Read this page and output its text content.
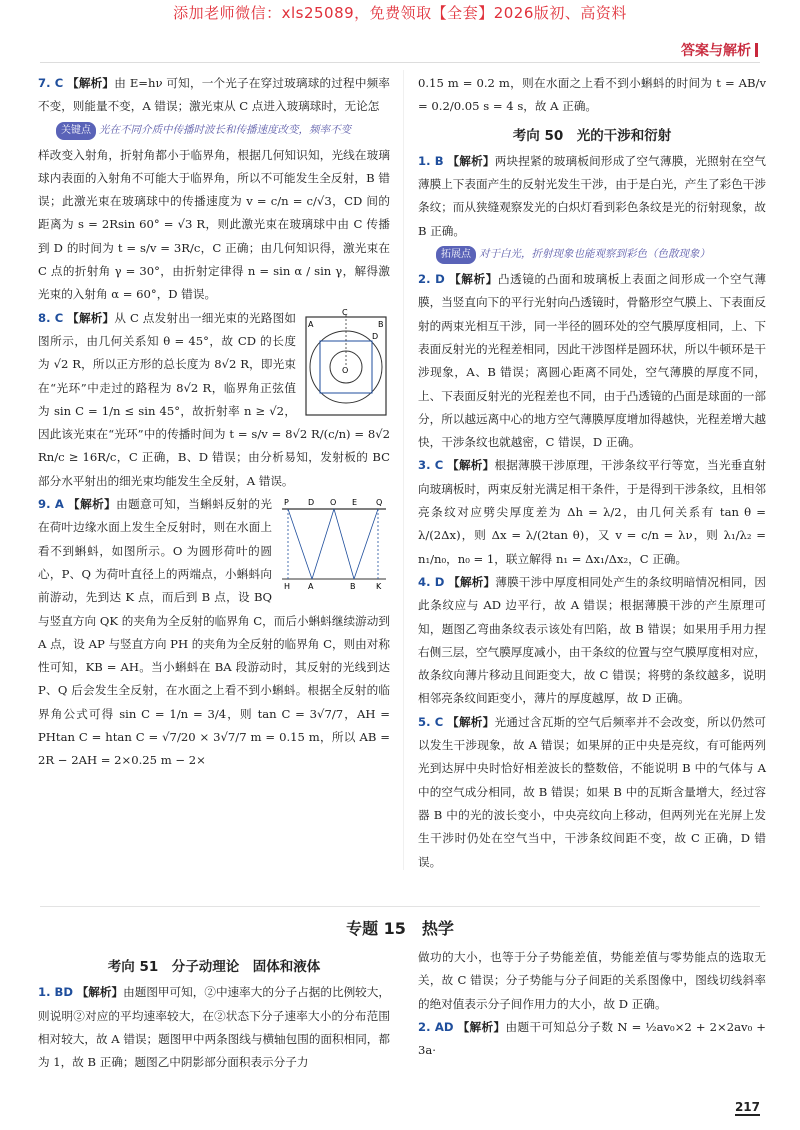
添加老师微信：xls25089，免费领取【全套】2026版初、高资料
答案与解析
7. C 【解析】由 E=hν 可知，一个光子在穿过玻璃球的过程中频率不变，则能量不变，A 错误；激光束从 C 点进入玻璃球时，无论怎
关键点 光在不同介质中传播时波长和传播速度改变，频率不变
样改变入射角，折射角都小于临界角，根据几何知识知，光线在玻璃球内表面的入射角不可能大于临界角，所以不可能发生全反射，B 错误；此激光束在玻璃球中的传播速度为 v = c/n = c/√3，CD 间的距离为 s = 2Rsin 60° = √3 R，则此激光束在玻璃球中由 C 传播到 D 的时间为 t = s/v = 3R/c，C 正确；由几何知识得，激光束在 C 点的折射角 γ = 30°，由折射定律得 n = sin α / sin γ，解得激光束的入射角 α = 60°，D 错误。
C
D
O
A	B
8. C 【解析】从 C 点发射出一细光束的光路图如图所示，由几何关系知 θ = 45°，故 CD 的长度为 √2 R，所以正方形的总长度为 8√2 R，即光束在“光环”中走过的路程为 8√2 R，临界角正弦值为 sin C = 1/n ≤ sin 45°，故折射率 n ≥ √2，因此该光束在“光环”中的传播时间为 t = s/v = 8√2 R/(c/n) = 8√2 Rn/c ≥ 16R/c，C 正确，B、D 错误；由分析易知，发射板的 BC 部分水平射出的细光束均能发生全反射，A 错误。
P D O E Q
H A	B	K
9. A 【解析】由题意可知，当蝌蚪反射的光在荷叶边缘水面上发生全反射时，则在水面上看不到蝌蚪，如图所示。O 为圆形荷叶的圆心，P、Q 为荷叶直径上的两端点，小蝌蚪向前游动，先到达 K 点，而后到 B 点，设 BQ 与竖直方向 QK 的夹角为全反射的临界角 C，而后小蝌蚪继续游动到 A 点，设 AP 与竖直方向 PH 的夹角为全反射的临界角 C，则由对称性可知，KB = AH。当小蝌蚪在 BA 段游动时，其反射的光线到达 P、Q 后会发生全反射，在水面之上看不到小蝌蚪。根据全反射的临界角公式可得 sin C = 1/n = 3/4，则 tan C = 3√7/7，AH = PHtan C = htan C = √7/20 × 3√7/7 m = 0.15 m，所以 AB = 2R − 2AH = 2×0.25 m − 2×
0.15 m = 0.2 m，则在水面之上看不到小蝌蚪的时间为 t = AB/v = 0.2/0.05 s = 4 s，故 A 正确。
考向 50　光的干涉和衍射
1. B 【解析】两块捏紧的玻璃板间形成了空气薄膜，光照射在空气薄膜上下表面产生的反射光发生干涉，由于是白光，产生了彩色干涉条纹；而从狭缝观察发光的白炽灯看到彩色条纹是光的衍射现象，故 B 正确。
拓展点 对于白光，折射现象也能观察到彩色（色散现象）
2. D 【解析】凸透镜的凸面和玻璃板上表面之间形成一个空气薄膜，当竖直向下的平行光射向凸透镜时，骨骼形空气膜上、下表面反射的两束光相互干涉，同一半径的圆环处的空气膜厚度相同，上、下表面反射光的光程差相同，因此干涉图样是圆环状，所以牛顿环是干涉现象，A、B 错误；离圆心距离不同处，空气薄膜的厚度不同，上、下表面反射光的光程差也不同，由于凸透镜的凸面是球面的一部分，所以越远离中心的地方空气薄膜厚度增加得越快，光程差增大越快，干涉条纹也就越密，C 错误，D 正确。
3. C 【解析】根据薄膜干涉原理，干涉条纹平行等宽，当光垂直射向玻璃板时，两束反射光满足相干条件，于是得到干涉条纹，且相邻亮条纹对应劈尖厚度差为 Δh = λ/2，由几何关系有 tan θ = λ/(2Δx)，则 Δx = λ/(2tan θ)，又 v = c/n = λν，则 λ₁/λ₂ = n₁/n₀，n₀ = 1，联立解得 n₁ = Δx₁/Δx₂，C 正确。
4. D 【解析】薄膜干涉中厚度相同处产生的条纹明暗情况相同，因此条纹应与 AD 边平行，故 A 错误；根据薄膜干涉的产生原理可知，题图乙弯曲条纹表示该处有凹陷，故 B 错误；如果用手用力捏右侧三层，空气膜厚度减小，由干条纹的位置与空气膜厚度相对应，故条纹向薄片移动且间距变大，故 C 错误；将劈的条纹越多，说明相邻亮条纹间距变小，薄片的厚度越厚，故 D 正确。
5. C 【解析】光通过含瓦斯的空气后频率并不会改变，所以仍然可以发生干涉现象，故 A 错误；如果屏的正中央是亮纹，有可能两列光到达屏中央时恰好相差波长的整数倍，不能说明 B 中的气体与 A 中的空气成分相同，故 B 错误；如果 B 中的瓦斯含量增大，经过容器 B 中的光的波长变小，中央亮纹向上移动，但两列光在光屏上发生干涉时仍处在空气当中，干涉条纹间距不变，故 C 正确，D 错误。
专题 15　热学
考向 51　分子动理论　固体和液体
1. BD 【解析】由题图甲可知，②中速率大的分子占据的比例较大，则说明②对应的平均速率较大，在②状态下分子速率大小的分布范围相对较大，故 A 错误；题图甲中两条图线与横轴包围的面积相同，都为 1，故 B 正确；题图乙中阴影部分面积表示分子力
做功的大小，也等于分子势能差值，势能差值与零势能点的选取无关，故 C 错误；分子势能与分子间距的关系图像中，图线切线斜率的绝对值表示分子间作用力的大小，故 D 正确。
2. AD 【解析】由题干可知总分子数 N = ½av₀×2 + 2×2av₀ + 3a·
217
